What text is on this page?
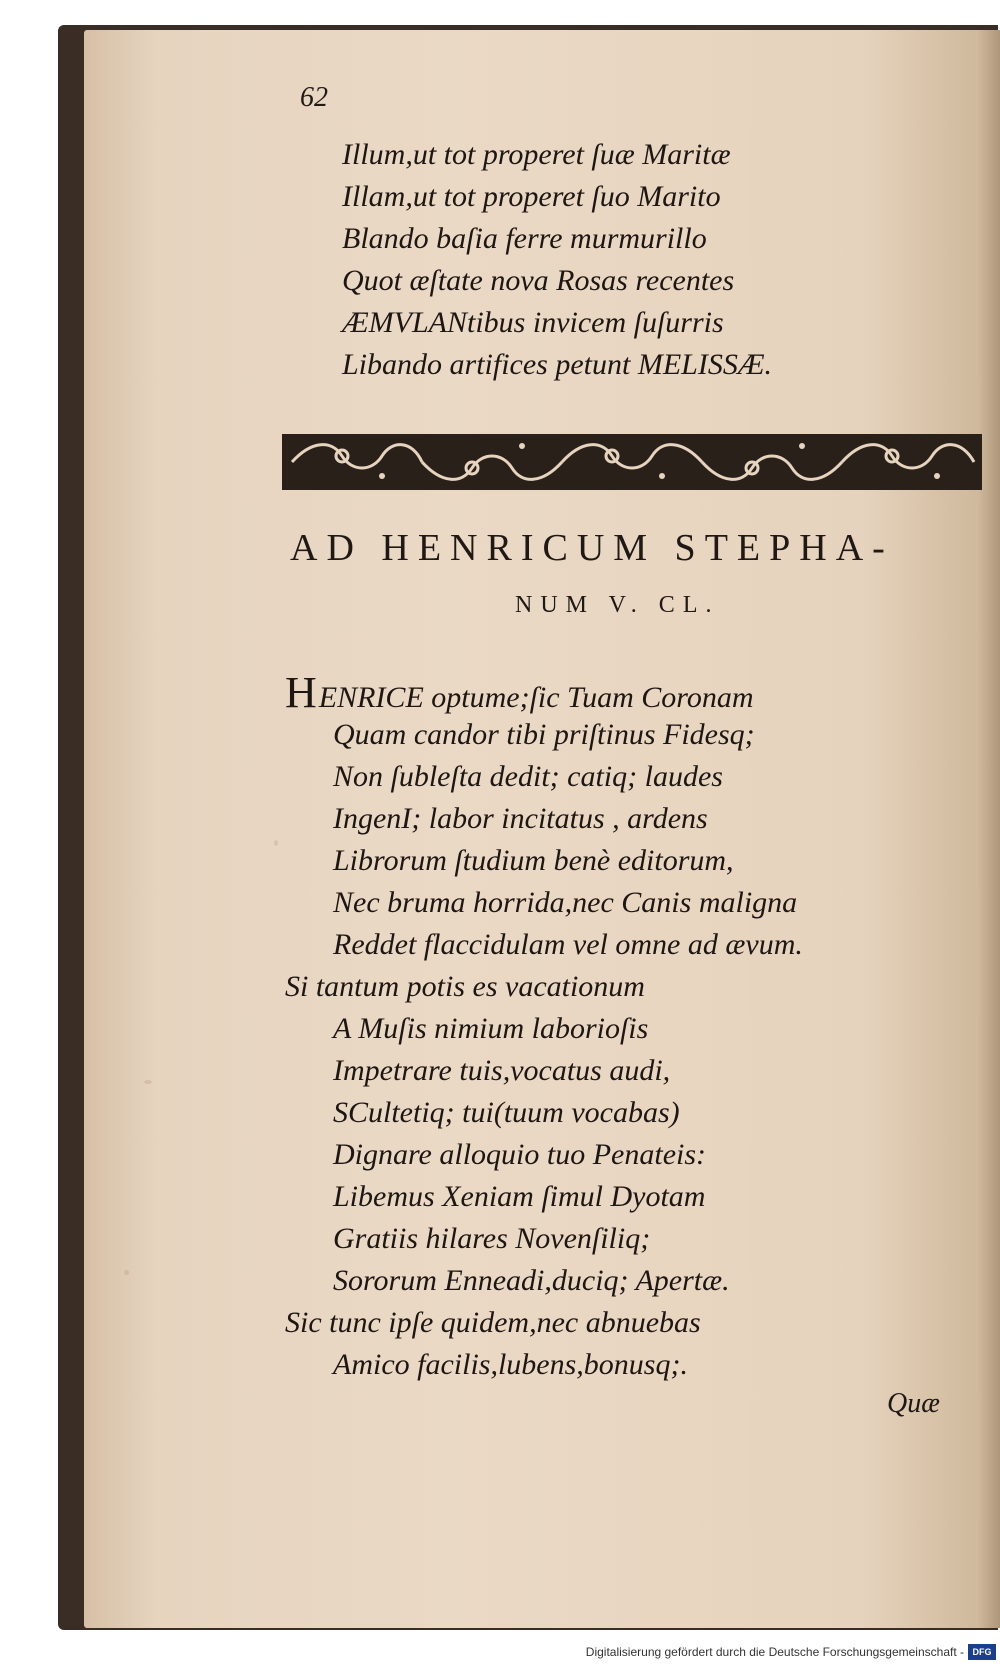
62
Illum,ut tot properet ſuæ Maritæ
Illam,ut tot properet ſuo Marito
Blando baſia ferre murmurillo
Quot æſtate nova Rosas recentes
ÆMVLANtibus invicem ſuſurris
Libando artifices petunt MELISSÆ.
AD HENRICUM STEPHA-
NUM V. CL.
HENRICE optume;ſic Tuam Coronam
Quam candor tibi priſtinus Fidesq;
Non ſubleſta dedit; catiq; laudes
IngenI; labor incitatus , ardens
Librorum ſtudium benè editorum,
Nec bruma horrida,nec Canis maligna
Reddet flaccidulam vel omne ad ævum.
Si tantum potis es vacationum
A Muſis nimium laborioſis
Impetrare tuis,vocatus audi,
SCultetiq; tui(tuum vocabas)
Dignare alloquio tuo Penateis:
Libemus Xeniam ſimul Dyotam
Gratiis hilares Novenſiliq;
Sororum Enneadi,duciq; Apertæ.
Sic tunc ipſe quidem,nec abnuebas
Amico facilis,lubens,bonusq;.
Quæ
Digitalisierung gefördert durch die Deutsche Forschungsgemeinschaft - DFG
